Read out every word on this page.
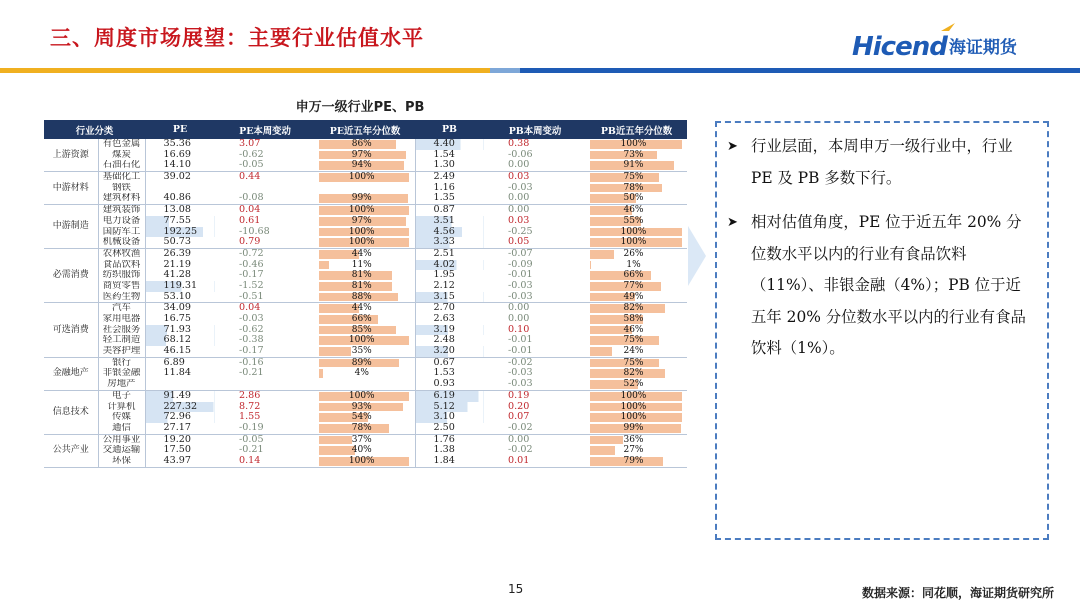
三、周度市场展望：主要行业估值水平	Hicend 海证期货
申万一级行业PE、PB
行业分类		PE	PE本周变动	PE近五年分位数	PB	PB本周变动	PB近五年分位数
上游资源	有色金属	35.36	3.07	86%	4.40	0.38	100%

	煤炭	16.69	-0.62	97%	1.54	-0.06	73%

	石油石化	14.10	-0.05	94%	1.30	0.00	91%

中游材料	基础化工	39.02	0.44	100%	2.49	0.03	75%

	钢铁				1.16	-0.03	78%

	建筑材料	40.86	-0.08	99%	1.35	0.00	50%

中游制造	建筑装饰	13.08	0.04	100%	0.87	0.00	46%

	电力设备	77.55	0.61	97%	3.51	0.03	55%

	国防军工	192.25	-10.68	100%	4.56	-0.25	100%

	机械设备	50.73	0.79	100%	3.33	0.05	100%

必需消费	农林牧渔	26.39	-0.72	44%	2.51	-0.07	26%

	食品饮料	21.19	-0.46	11%	4.02	-0.09	1%

	纺织服饰	41.28	-0.17	81%	1.95	-0.01	66%

	商贸零售	119.31	-1.52	81%	2.12	-0.03	77%

	医药生物	53.10	-0.51	88%	3.15	-0.03	49%

可选消费	汽车	34.09	0.04	44%	2.70	0.00	82%

	家用电器	16.75	-0.03	66%	2.63	0.00	58%

	社会服务	71.93	-0.62	85%	3.19	0.10	46%

	轻工制造	68.12	-0.38	100%	2.48	-0.01	75%

	美容护理	46.15	-0.17	35%	3.20	-0.01	24%

金融地产	银行	6.89	-0.16	89%	0.67	-0.02	75%

	非银金融	11.84	-0.21	4%	1.53	-0.03	82%

	房地产				0.93	-0.03	52%

信息技术	电子	91.49	2.86	100%	6.19	0.19	100%

	计算机	227.32	8.72	93%	5.12	0.20	100%

	传媒	72.96	1.55	54%	3.10	0.07	100%

	通信	27.17	-0.19	78%	2.50	-0.02	99%

公共产业	公用事业	19.20	-0.05	37%	1.76	0.00	36%

	交通运输	17.50	-0.21	40%	1.38	-0.02	27%

	环保	43.97	0.14	100%	1.84	0.01	79%
➤ 行业层面，本周申万一级行业中，行业 PE 及 PB 多数下行。
➤ 相对估值角度，PE 位于近五年 20% 分位数水平以内的行业有食品饮料（11%）、非银金融（4%）；PB 位于近五年 20% 分位数水平以内的行业有食品饮料（1%）。
15	数据来源：同花顺，海证期货研究所
